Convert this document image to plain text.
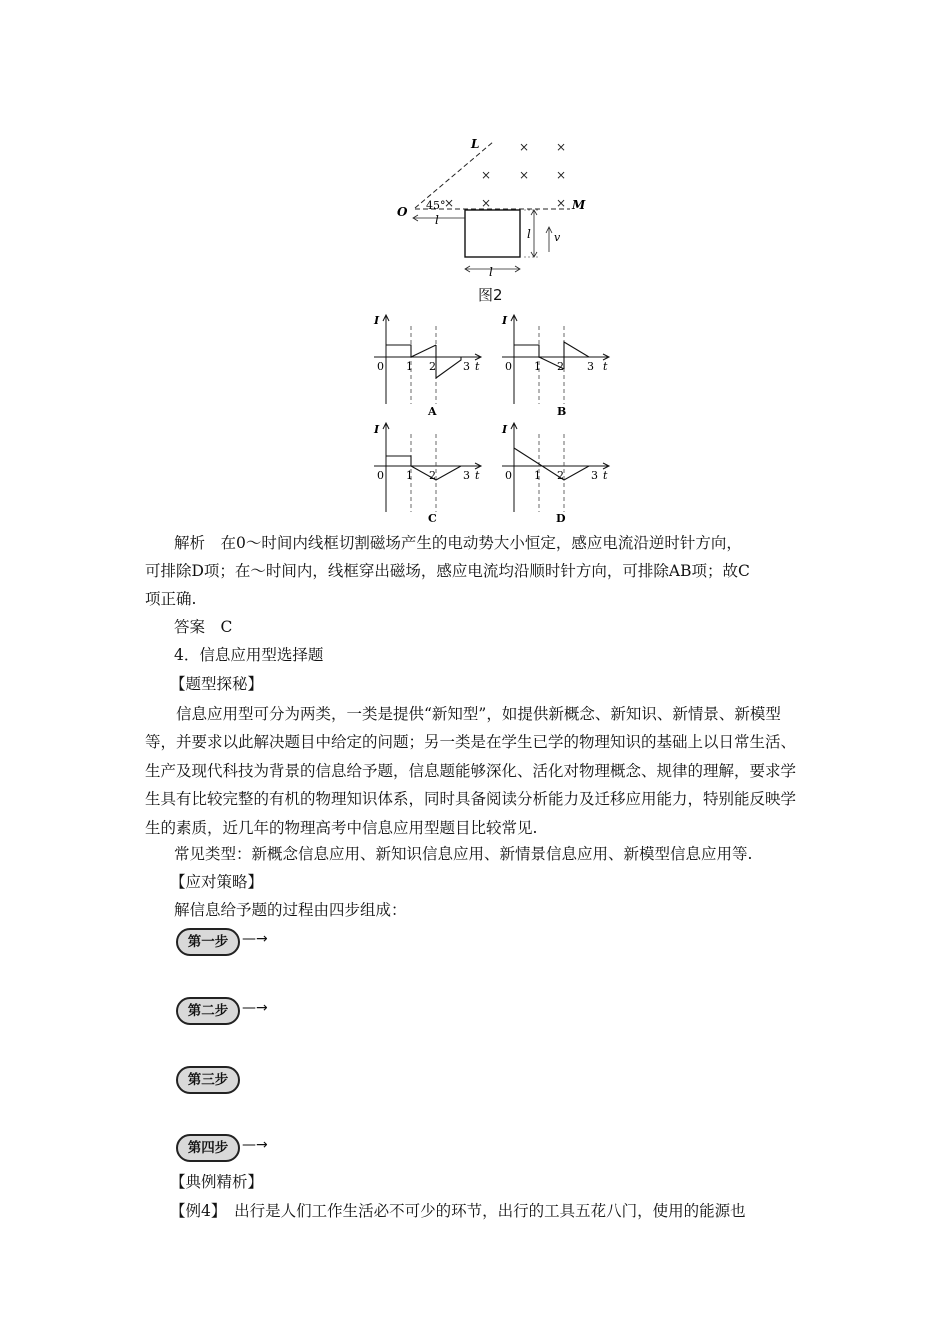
× ×
× × ×
× ×	×
L
O	M
45°
l
l v
l
图2
I
t
0 1 2 3
A
I
t
0 1 2 3
B
I
t
0 1 2 3
C
I
t
0 1 2 3
D
解析　在0～时间内线框切割磁场产生的电动势大小恒定，感应电流沿逆时针方向，
可排除D项；在～时间内，线框穿出磁场，感应电流均沿顺时针方向，可排除AB项；故C
项正确.
答案　C
4．信息应用型选择题
【题型探秘】
信息应用型可分为两类，一类是提供“新知型”，如提供新概念、新知识、新情景、新模型等，并要求以此解决题目中给定的问题；另一类是在学生已学的物理知识的基础上以日常生活、生产及现代科技为背景的信息给予题，信息题能够深化、活化对物理概念、规律的理解，要求学生具有比较完整的有机的物理知识体系，同时具备阅读分析能力及迁移应用能力，特别能反映学生的素质，近几年的物理高考中信息应用型题目比较常见.
常见类型：新概念信息应用、新知识信息应用、新情景信息应用、新模型信息应用等.
【应对策略】
解信息给予题的过程由四步组成：
第一步 —→
第二步 —→
第三步
第四步 —→
【典例精析】
【例4】　出行是人们工作生活必不可少的环节，出行的工具五花八门，使用的能源也
